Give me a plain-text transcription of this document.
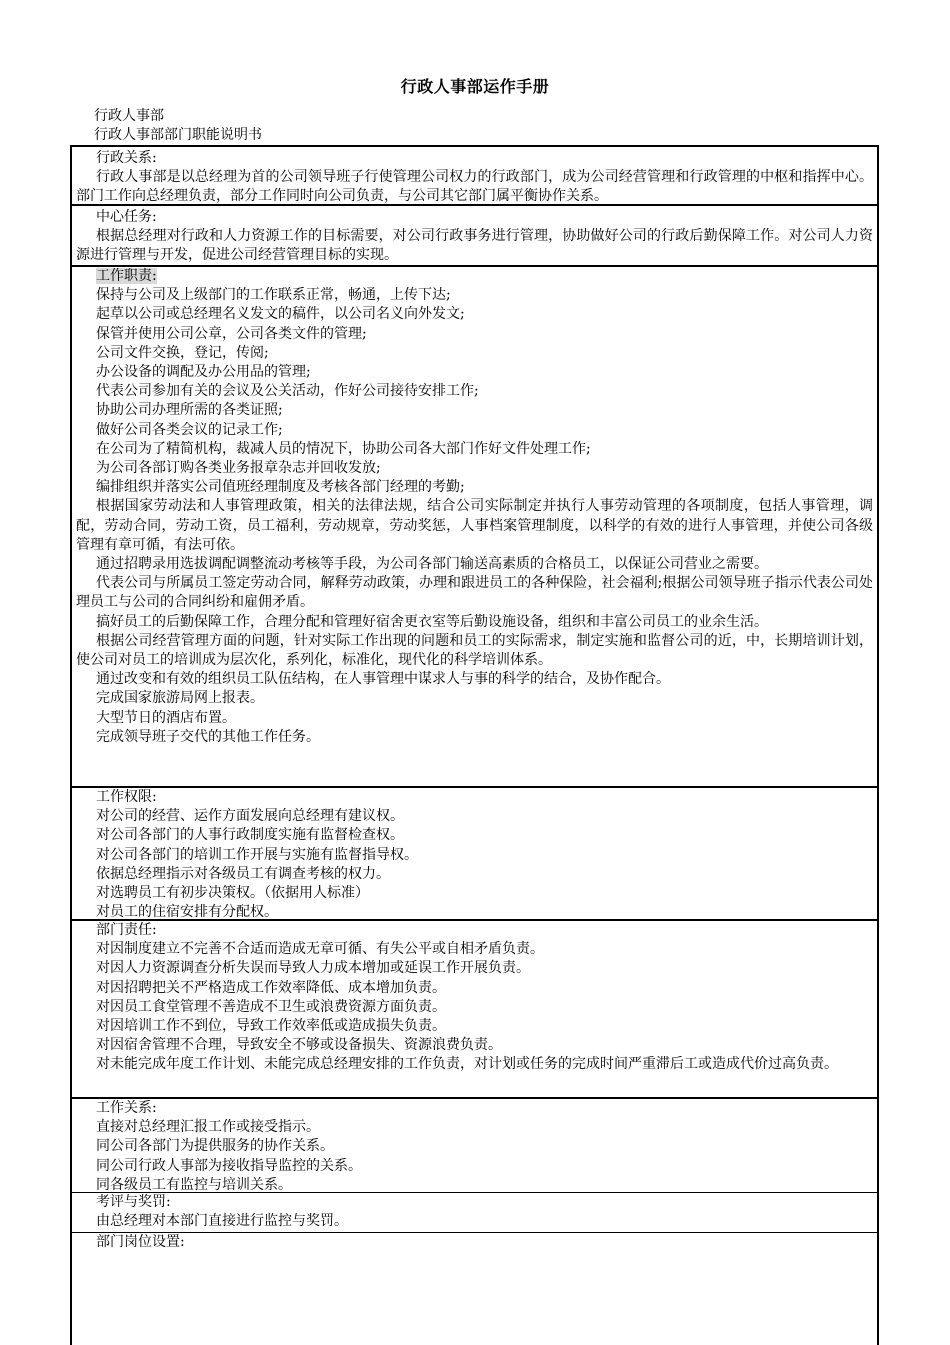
行政人事部运作手册
行政人事部
行政人事部部门职能说明书
行政关系:

行政人事部是以总经理为首的公司领导班子行使管理公司权力的行政部门，成为公司经营管理和行政管理的中枢和指挥中心。部门工作向总经理负责，部分工作同时向公司负责，与公司其它部门属平衡协作关系。

中心任务:

根据总经理对行政和人力资源工作的目标需要，对公司行政事务进行管理，协助做好公司的行政后勤保障工作。对公司人力资源进行管理与开发，促进公司经营管理目标的实现。

工作职责:

保持与公司及上级部门的工作联系正常，畅通，上传下达;

起草以公司或总经理名义发文的稿件，以公司名义向外发文;

保管并使用公司公章，公司各类文件的管理;

公司文件交换，登记，传阅;

办公设备的调配及办公用品的管理;

代表公司参加有关的会议及公关活动，作好公司接待安排工作;

协助公司办理所需的各类证照;

做好公司各类会议的记录工作;

在公司为了精简机构，裁减人员的情况下，协助公司各大部门作好文件处理工作;

为公司各部订购各类业务报章杂志并回收发放;

编排组织并落实公司值班经理制度及考核各部门经理的考勤;

根据国家劳动法和人事管理政策，相关的法律法规，结合公司实际制定并执行人事劳动管理的各项制度，包括人事管理，调配，劳动合同，劳动工资，员工福利，劳动规章，劳动奖惩，人事档案管理制度，以科学的有效的进行人事管理，并使公司各级管理有章可循，有法可依。

通过招聘录用选拔调配调整流动考核等手段，为公司各部门输送高素质的合格员工，以保证公司营业之需要。

代表公司与所属员工签定劳动合同，解释劳动政策，办理和跟进员工的各种保险，社会福利;根据公司领导班子指示代表公司处理员工与公司的合同纠纷和雇佣矛盾。

搞好员工的后勤保障工作，合理分配和管理好宿舍更衣室等后勤设施设备，组织和丰富公司员工的业余生活。

根据公司经营管理方面的问题，针对实际工作出现的问题和员工的实际需求，制定实施和监督公司的近，中，长期培训计划，使公司对员工的培训成为层次化，系列化，标准化，现代化的科学培训体系。

通过改变和有效的组织员工队伍结构，在人事管理中谋求人与事的科学的结合，及协作配合。

完成国家旅游局网上报表。

大型节日的酒店布置。

完成领导班子交代的其他工作任务。

工作权限:

对公司的经营、运作方面发展向总经理有建议权。

对公司各部门的人事行政制度实施有监督检查权。

对公司各部门的培训工作开展与实施有监督指导权。

依据总经理指示对各级员工有调查考核的权力。

对选聘员工有初步决策权。（依据用人标准）

对员工的住宿安排有分配权。

部门责任:

对因制度建立不完善不合适而造成无章可循、有失公平或自相矛盾负责。

对因人力资源调查分析失误而导致人力成本增加或延误工作开展负责。

对因招聘把关不严格造成工作效率降低、成本增加负责。

对因员工食堂管理不善造成不卫生或浪费资源方面负责。

对因培训工作不到位，导致工作效率低或造成损失负责。

对因宿舍管理不合理，导致安全不够或设备损失、资源浪费负责。

对未能完成年度工作计划、未能完成总经理安排的工作负责，对计划或任务的完成时间严重滞后工或造成代价过高负责。

工作关系:

直接对总经理汇报工作或接受指示。

同公司各部门为提供服务的协作关系。

同公司行政人事部为接收指导监控的关系。

同各级员工有监控与培训关系。

考评与奖罚:

由总经理对本部门直接进行监控与奖罚。

部门岗位设置:
